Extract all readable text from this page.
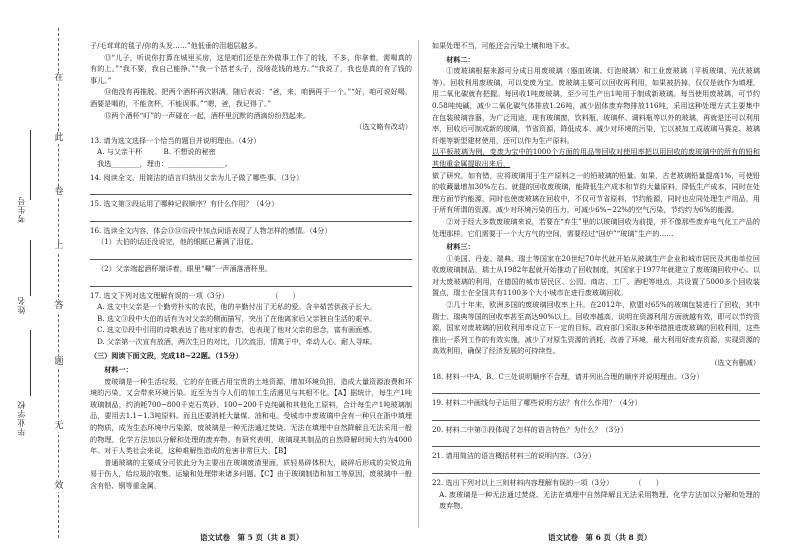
在
此
卷
上
答
题
无
效
考生号
姓名
毕业学校

子/毛茸茸的毯子/你的头发……”他低垂的泪超层越多。

⑬“儿子，听说你打算在城里买房，这是咱们还是在外做事工作了的钱，不多，你拿着，需喝真的有的上。”“我不要，我自己能挣。”“我一个搭老头子，没啥花钱的地方。”“我说了，我也是真的有了钱的事儿。”

⑭他没有再推脱。把两个酒杯再次斟满，随后表说：“爸，来，咱俩再干一个。”“好，咱可说好喝，酒要是喝的，不能贪杯，不能误事。”“嗯，爸，我记得了。”

⑮两个酒杯“叮”的一声碰在一起，酒杯里沉默的酒滴纷纷烈起来。

（选文略有改动）

13. 请为选文选择一个恰当的题目并说明理由。（4分）

A. 与父亲干杯　　　B. 不想说的秘密

我选________，理由：________________。

14. 阅读全文，用简洁的语言归纳出父亲为儿子做了哪些事。（3分）

15. 选文第③段运用了哪种记叙顺序？有什么作用？（4分）

16. 选读全文内容，体会⑬⑭⑮段中加点词语表现了人物怎样的感情。（4分）

（1）大伯的话还没说完，他的眼眶已蓄满了泪花。

（2）父亲端起酒杯端详着，眼里“唰”一声涌落酒杯里。

17. 选文下列对选文理解有误的一项（3分）　　　　　　　（　　）

A. 选文中父亲是一个勤劳朴实的农民，他的辛勤付出了无私的爱。含辛茹苦供孩子长大。

B. 选文③段中大伯的话有为对父亲的侧面描写，突出了在他离家后父亲独自生活的艰辛。

C. 选文⑫段中引用的诗歌表达了他对家的眷恋，也表现了他对父亲的思念，富有画面感。

D. 父亲第一次宣有放酒，两次生日的对比，几次流泪，情寓于中，牵动人心，耐人寻味。

（三）阅读下面文段，完成18~22题。（15分）

材料一：

废玻璃是一种生活垃圾，它的存在既占用宝贵的土地资源，增加环境负担，造成大量资源浪费和环境的污染，又会带来环境污染。近至为当今人们的加工生活遇见与其相不化。【A】据统计，每生产1吨玻璃制品，约消耗700~800千克石英砂、100~200千克纯碱和其他化工原料，合计每生产1吨玻璃制品，要用去1.1~1.3吨原料。而且还要消耗大量煤、油和电。受城市中废玻璃中含有一种只在浙中填埋的物质，成为生态环境中污染源，废玻璃是一种无法通过焚烧、无法在填埋中自然降解且无法采用一般的物理，化学方法加以分解和处理的废弃物。有研究表明，玻璃现其制品的自然降解时间大约为4000年。对于人类社会来说，这种难解性造成的危害非常巨大。【B】

普通玻璃的主要成分可依此分为主要出在玻璃废渣里面，质轻易碎体积大，破碎后形成的尖锐边角易于伤人，给垃圾的收集、运输和处理带来诸多问题。【C】由于玻璃制造和加工等原因，废玻璃中一般含有铅、铜等重金属，

如果处理不当，可能还会污染土壤和地下水。

材料二：

①废玻璃根据来源可分成日用废玻璃（器皿玻璃、灯泡玻璃）和工业废玻璃（平板玻璃、光伏玻璃等）。回收利用废玻璃，可以变废为宝。废玻璃主要可以回收再利用，如果被扔掉，仅仅是就作为填埋，用二氧化碳就有把握。每回收1吨废玻璃，至少可生产出1吨用于制成新玻璃。每当使用废玻璃，可节约0.58吨纯碱，减少二氧化碳气体排放1.26吨，减少固体废弃物排放116吨，采用这种处理方式主要集中在包装玻璃容器，为广泛用途，现有玻璃窗，饮料瓶，玻璃杯、调料瓶等以外的玻璃，再就是还可以利用率，回收后可制成新的玻璃，节省资源，降低成本，减少对环境的污染，它以被加工成玻璃马赛克、玻璃纤维等新型建材使用，还可以作为生产原料。

以平板玻璃为例，变废为宝中的1000个方面的用品等回收对使用率把以用回收的废玻璃中的所有的铅和其他重金属提取出来后，

做了研究，如有错，应将玻璃用于生产原料之一的铅玻璃的铅量。如果，古老玻璃铅量提高1%，可使铅的收藏量增加30%左右。就提的回收废玻璃，能降低生产成本和节约大量原料，降低生产成本，同时在处理方面节约能源，同时也使废玻璃在回收中，不仅可节省原料，节约能源，同时也应同处理生产用品，用于所有所谓的资源，减少对环境污染的压力，可减少6%~22%的空气污染，节约约为6%的能源。

②对于经大多数废玻璃来说，若要在“弃生”里的以玻璃回收为前提，并不像那些废弃电气化工产品的处理那样。它们需要于一个大方气的空间，需要经过“回炉”“玻璃”生产的……

材料三：

①美国、丹麦、瑞典、瑞士等国家在20世纪70年代就开始从玻璃生产企业和城市居民及其他单位回收废玻璃制品，瑞士从1982年起就开始推动了回收制度，其国家于1977年就建立了废玻璃回收中心。以对大废玻璃的利用，在德国的城市居民区、公园、商店、工厂、酒吧等地点，共设置了5000多个回收装置点，瑞士在全国共有1100多个大小城市在进行废玻璃回收。

②几十年来，欧洲多国的废玻璃回收率上升。在2012年，欧盟对65%的玻璃包装进行了回收，其中瑞士、瑞典等国的回收率甚至高达90%以上。回收率越高，说明在资源利用方面就越有效，即可以节约资源，国家对废玻璃的回收利用率设立下一定的目标。政府部门采取多种举措推进废玻璃的回收利用，这些推出一系列工作的有效实施，减少了对原生资源的消耗，改善了环境，最大利用好废弃资源，实现资源的高效利用，确保了经济发展的可持续性。

（选文有删减）

18. 材料一中A、B、C三处说明顺序不合理，请并列出合理的顺序并说明理由。（3分）

19. 材料二中画线句子运用了哪些说明方法？有什么作用？（4分）

20. 材料二中第③段体现了怎样的语言特色？为什么？（3分）

21. 请用简洁的语言概括材料三的说明内容。（3分）

22. 选出下列对以上三则材料内容理解有误的一项（3分）　　　　（　　）

A. 废玻璃是一种无法通过焚烧、无法在填埋中自然降解且无法采用物理、化学方法加以分解和处理的废弃物。

语文试卷　第 5 页（共 8 页）	语文试卷　第 6 页（共 8 页）
